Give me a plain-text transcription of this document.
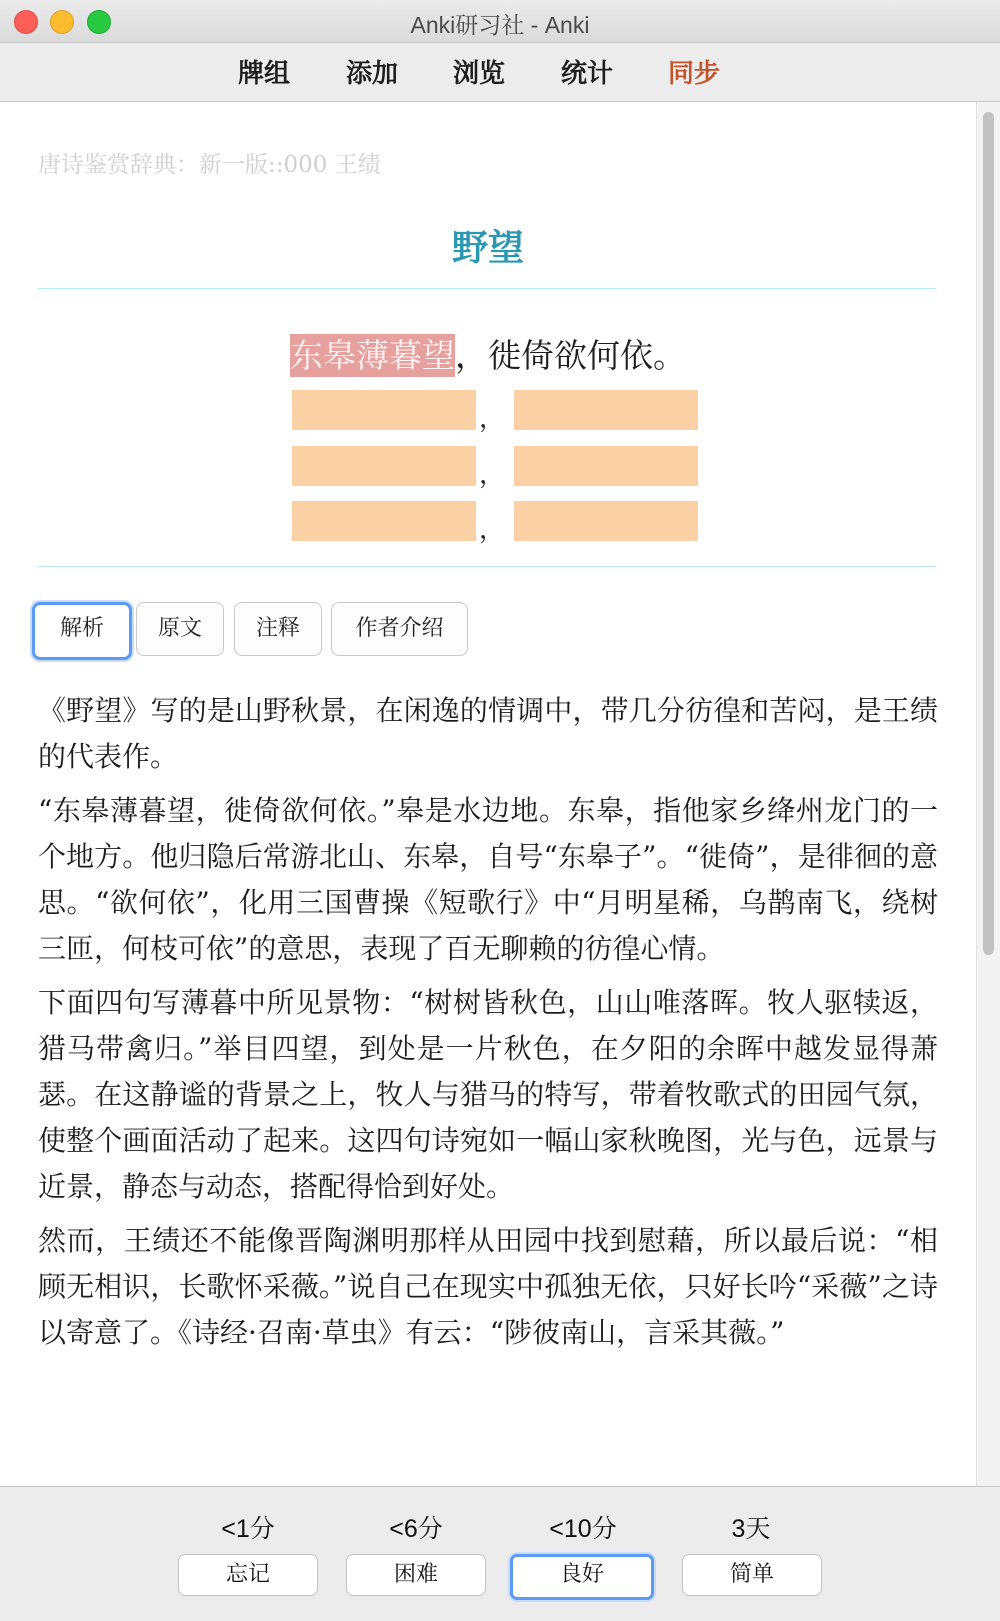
Anki研习社 - Anki
牌组 添加 浏览 统计 同步
唐诗鉴赏辞典：新一版::000 王绩
野望
东皋薄暮望，徙倚欲何依。
，
，
，
解析	原文	注释	作者介绍

《野望》写的是山野秋景，在闲逸的情调中，带几分彷徨和苦闷，是王绩的代表作。

“东皋薄暮望，徙倚欲何依。”皋是水边地。东皋，指他家乡绛州龙门的一个地方。他归隐后常游北山、东皋，自号“东皋子”。“徙倚”，是徘徊的意思。“欲何依”，化用三国曹操《短歌行》中“月明星稀，乌鹊南飞，绕树三匝，何枝可依”的意思，表现了百无聊赖的彷徨心情。

下面四句写薄暮中所见景物：“树树皆秋色，山山唯落晖。牧人驱犊返，猎马带禽归。”举目四望，到处是一片秋色，在夕阳的余晖中越发显得萧瑟。在这静谧的背景之上，牧人与猎马的特写，带着牧歌式的田园气氛，使整个画面活动了起来。这四句诗宛如一幅山家秋晚图，光与色，远景与近景，静态与动态，搭配得恰到好处。

然而，王绩还不能像晋陶渊明那样从田园中找到慰藉，所以最后说：“相顾无相识，长歌怀采薇。”说自己在现实中孤独无依，只好长吟“采薇”之诗以寄意了。《诗经·召南·草虫》有云：“陟彼南山，言采其薇。”

<1分	<6分	<10分	3天
忘记	困难	良好	简单
